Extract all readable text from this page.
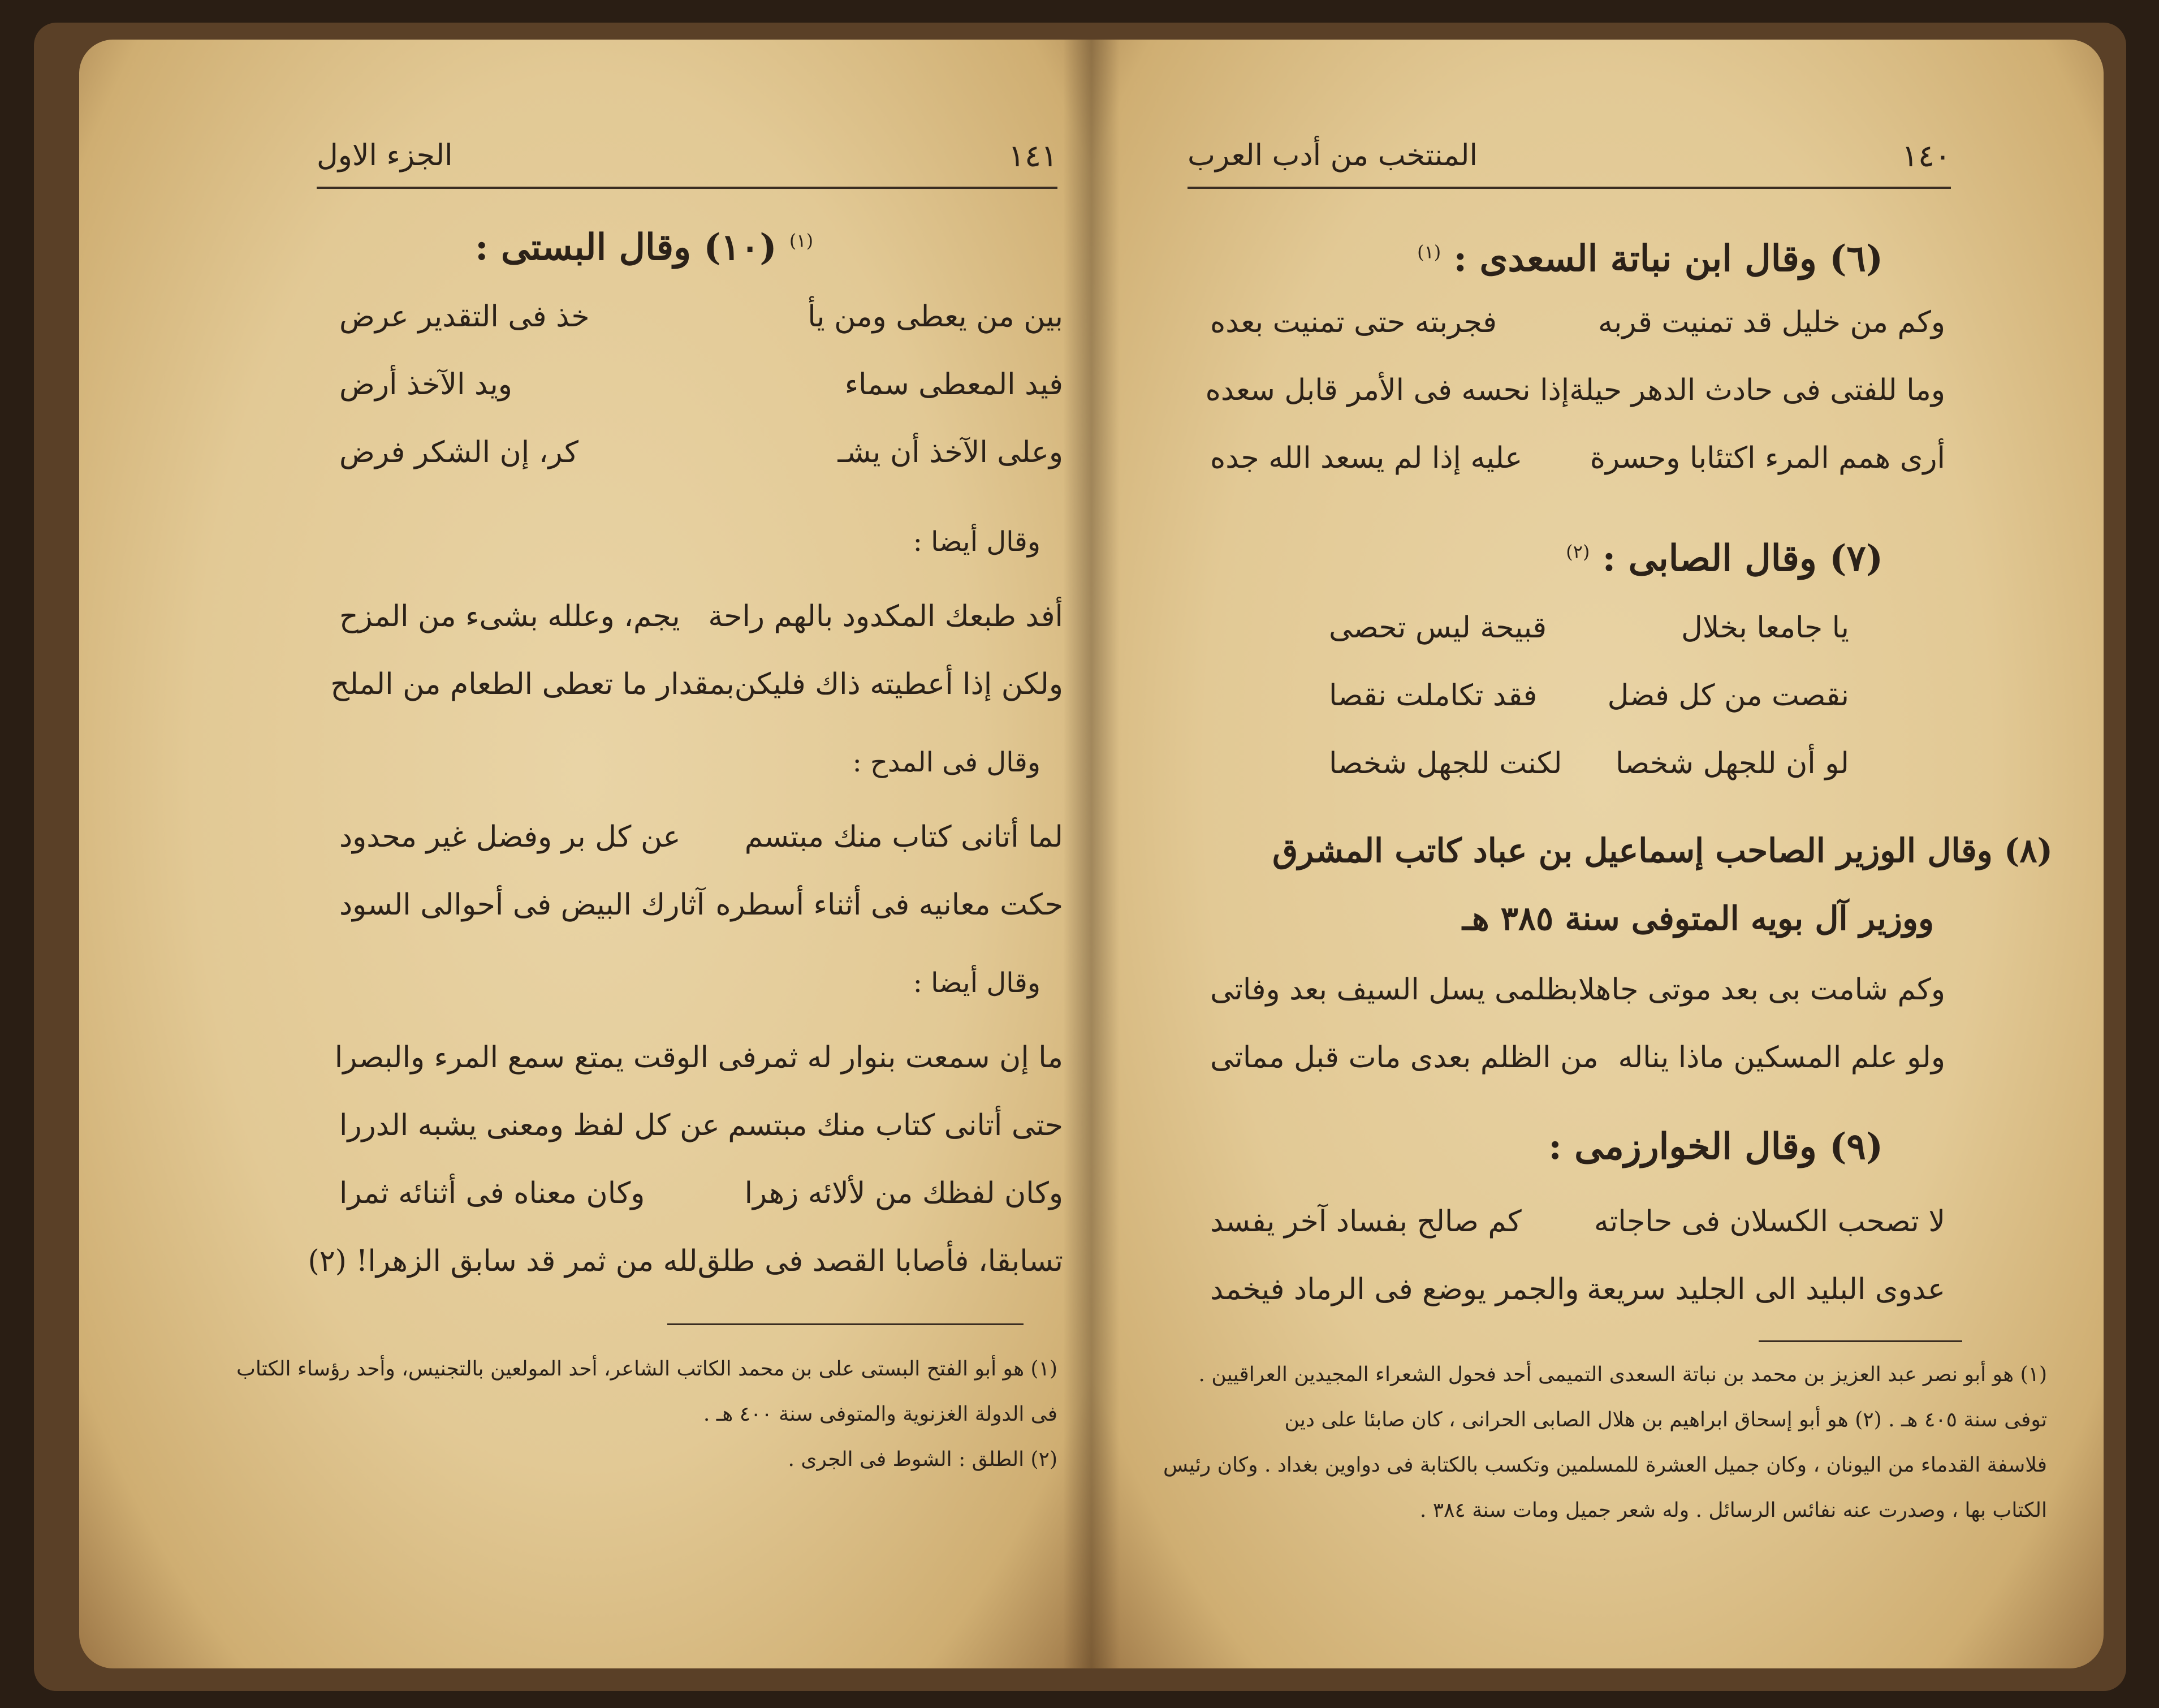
١٤١
الجزء الاول
$^{(١)}$ (١٠) وقال البستى :
بين من يعطى ومن يأ
خذ فى التقدير عرض
فيد المعطى سماء
ويد الآخذ أرض
وعلى الآخذ أن يشـ
كر، إن الشكر فرض
وقال أيضا :
أفد طبعك المكدود بالهم راحة
يجم، وعلله بشىء من المزح
ولكن إذا أعطيته ذاك فليكن
بمقدار ما تعطى الطعام من الملح
وقال فى المدح :
لما أتانى كتاب منك مبتسم
عن كل بر وفضل غير محدود
حكت معانيه فى أثناء أسطره
آثارك البيض فى أحوالى السود
وقال أيضا :
ما إن سمعت بنوار له ثمر
فى الوقت يمتع سمع المرء والبصرا
حتى أتانى كتاب منك مبتسم
عن كل لفظ ومعنى يشبه الدررا
وكان لفظك من لألائه زهرا
وكان معناه فى أثنائه ثمرا
تسابقا، فأصابا القصد فى طلق
لله من ثمر قد سابق الزهرا! (٢)
(١) هو أبو الفتح البستى على بن محمد الكاتب الشاعر، أحد المولعين بالتجنيس، وأحد رؤساء الكتاب
فى الدولة الغزنوية والمتوفى سنة ٤٠٠ هـ .
(٢) الطلق : الشوط فى الجرى .
١٤٠
المنتخب من أدب العرب
(٦) وقال ابن نباتة السعدى : $^{(١)}$
وكم من خليل قد تمنيت قربه
فجربته حتى تمنيت بعده
وما للفتى فى حادث الدهر حيلة
إذا نحسه فى الأمر قابل سعده
أرى همم المرء اكتئابا وحسرة
عليه إذا لم يسعد الله جده
(٧) وقال الصابى : $^{(٢)}$
يا جامعا بخلال
قبيحة ليس تحصى
نقصت من كل فضل
فقد تكاملت نقصا
لو أن للجهل شخصا
لكنت للجهل شخصا
(٨) وقال الوزير الصاحب إسماعيل بن عباد كاتب المشرق
ووزير آل بويه المتوفى سنة ٣٨٥ هـ
وكم شامت بى بعد موتى جاهلا
بظلمى يسل السيف بعد وفاتى
ولو علم المسكين ماذا يناله
من الظلم بعدى مات قبل مماتى
(٩) وقال الخوارزمى :
لا تصحب الكسلان فى حاجاته
كم صالح بفساد آخر يفسد
عدوى البليد الى الجليد سريعة
والجمر يوضع فى الرماد فيخمد
(١) هو أبو نصر عبد العزيز بن محمد بن نباتة السعدى التميمى أحد فحول الشعراء المجيدين العراقيين .
توفى سنة ٤٠٥ هـ . (٢) هو أبو إسحاق ابراهيم بن هلال الصابى الحرانى ، كان صابئا على دين
فلاسفة القدماء من اليونان ، وكان جميل العشرة للمسلمين وتكسب بالكتابة فى دواوين بغداد . وكان رئيس
الكتاب بها ، وصدرت عنه نفائس الرسائل . وله شعر جميل ومات سنة ٣٨٤ .
